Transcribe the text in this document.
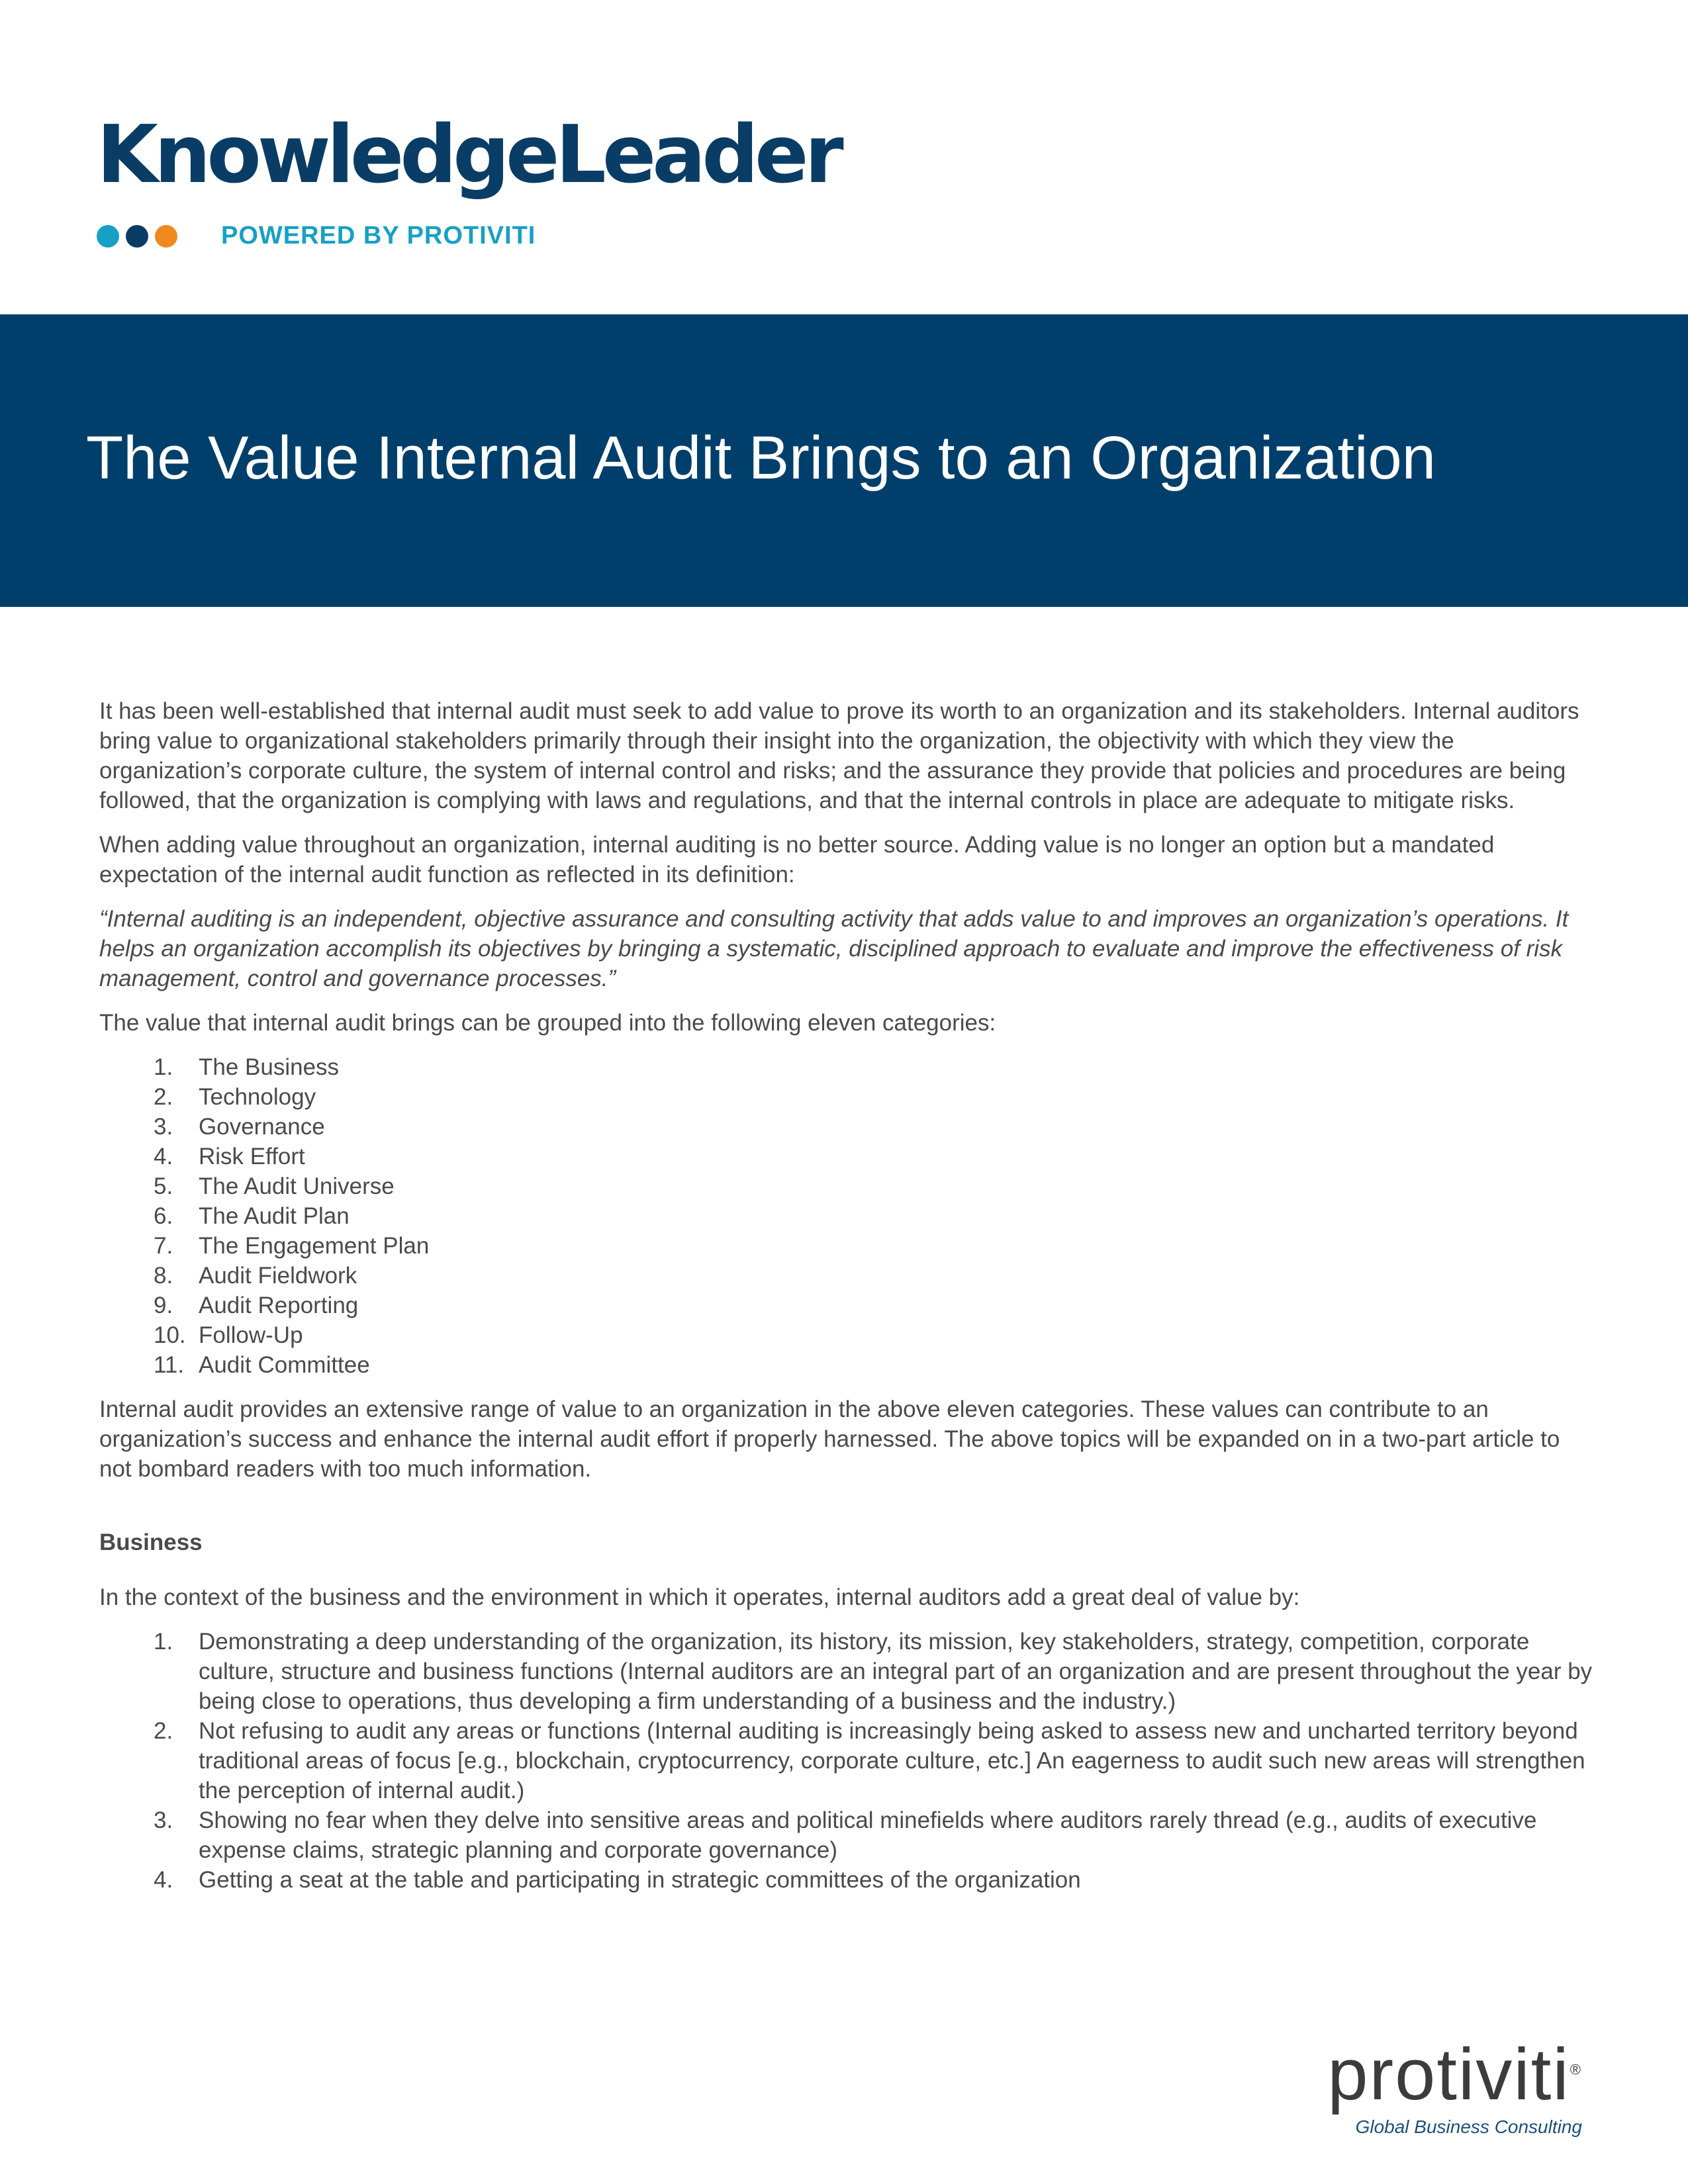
KnowledgeLeader
POWERED BY PROTIVITI
The Value Internal Audit Brings to an Organization

It has been well-established that internal audit must seek to add value to prove its worth to an organization and its stakeholders. Internal auditors bring value to organizational stakeholders primarily through their insight into the organization, the objectivity with which they view the organization’s corporate culture, the system of internal control and risks; and the assurance they provide that policies and procedures are being followed, that the organization is complying with laws and regulations, and that the internal controls in place are adequate to mitigate risks.

When adding value throughout an organization, internal auditing is no better source. Adding value is no longer an option but a mandated expectation of the internal audit function as reflected in its definition:

“Internal auditing is an independent, objective assurance and consulting activity that adds value to and improves an organization’s operations. It helps an organization accomplish its objectives by bringing a systematic, disciplined approach to evaluate and improve the effectiveness of risk management, control and governance processes.”

The value that internal audit brings can be grouped into the following eleven categories:

1.	The Business
2.	Technology
3.	Governance
4.	Risk Effort
5.	The Audit Universe
6.	The Audit Plan
7.	The Engagement Plan
8.	Audit Fieldwork
9.	Audit Reporting
10. Follow-Up
11. Audit Committee

Internal audit provides an extensive range of value to an organization in the above eleven categories. These values can contribute to an organization’s success and enhance the internal audit effort if properly harnessed. The above topics will be expanded on in a two-part article to not bombard readers with too much information.

Business

In the context of the business and the environment in which it operates, internal auditors add a great deal of value by:

1.	Demonstrating a deep understanding of the organization, its history, its mission, key stakeholders, strategy, competition, corporate culture, structure and business functions (Internal auditors are an integral part of an organization and are present throughout the year by being close to operations, thus developing a firm understanding of a business and the industry.)
2.	Not refusing to audit any areas or functions (Internal auditing is increasingly being asked to assess new and uncharted territory beyond traditional areas of focus [e.g., blockchain, cryptocurrency, corporate culture, etc.] An eagerness to audit such new areas will strengthen the perception of internal audit.)
3.	Showing no fear when they delve into sensitive areas and political minefields where auditors rarely thread (e.g., audits of executive expense claims, strategic planning and corporate governance)
4.	Getting a seat at the table and participating in strategic committees of the organization
protiviti®
Global Business Consulting
